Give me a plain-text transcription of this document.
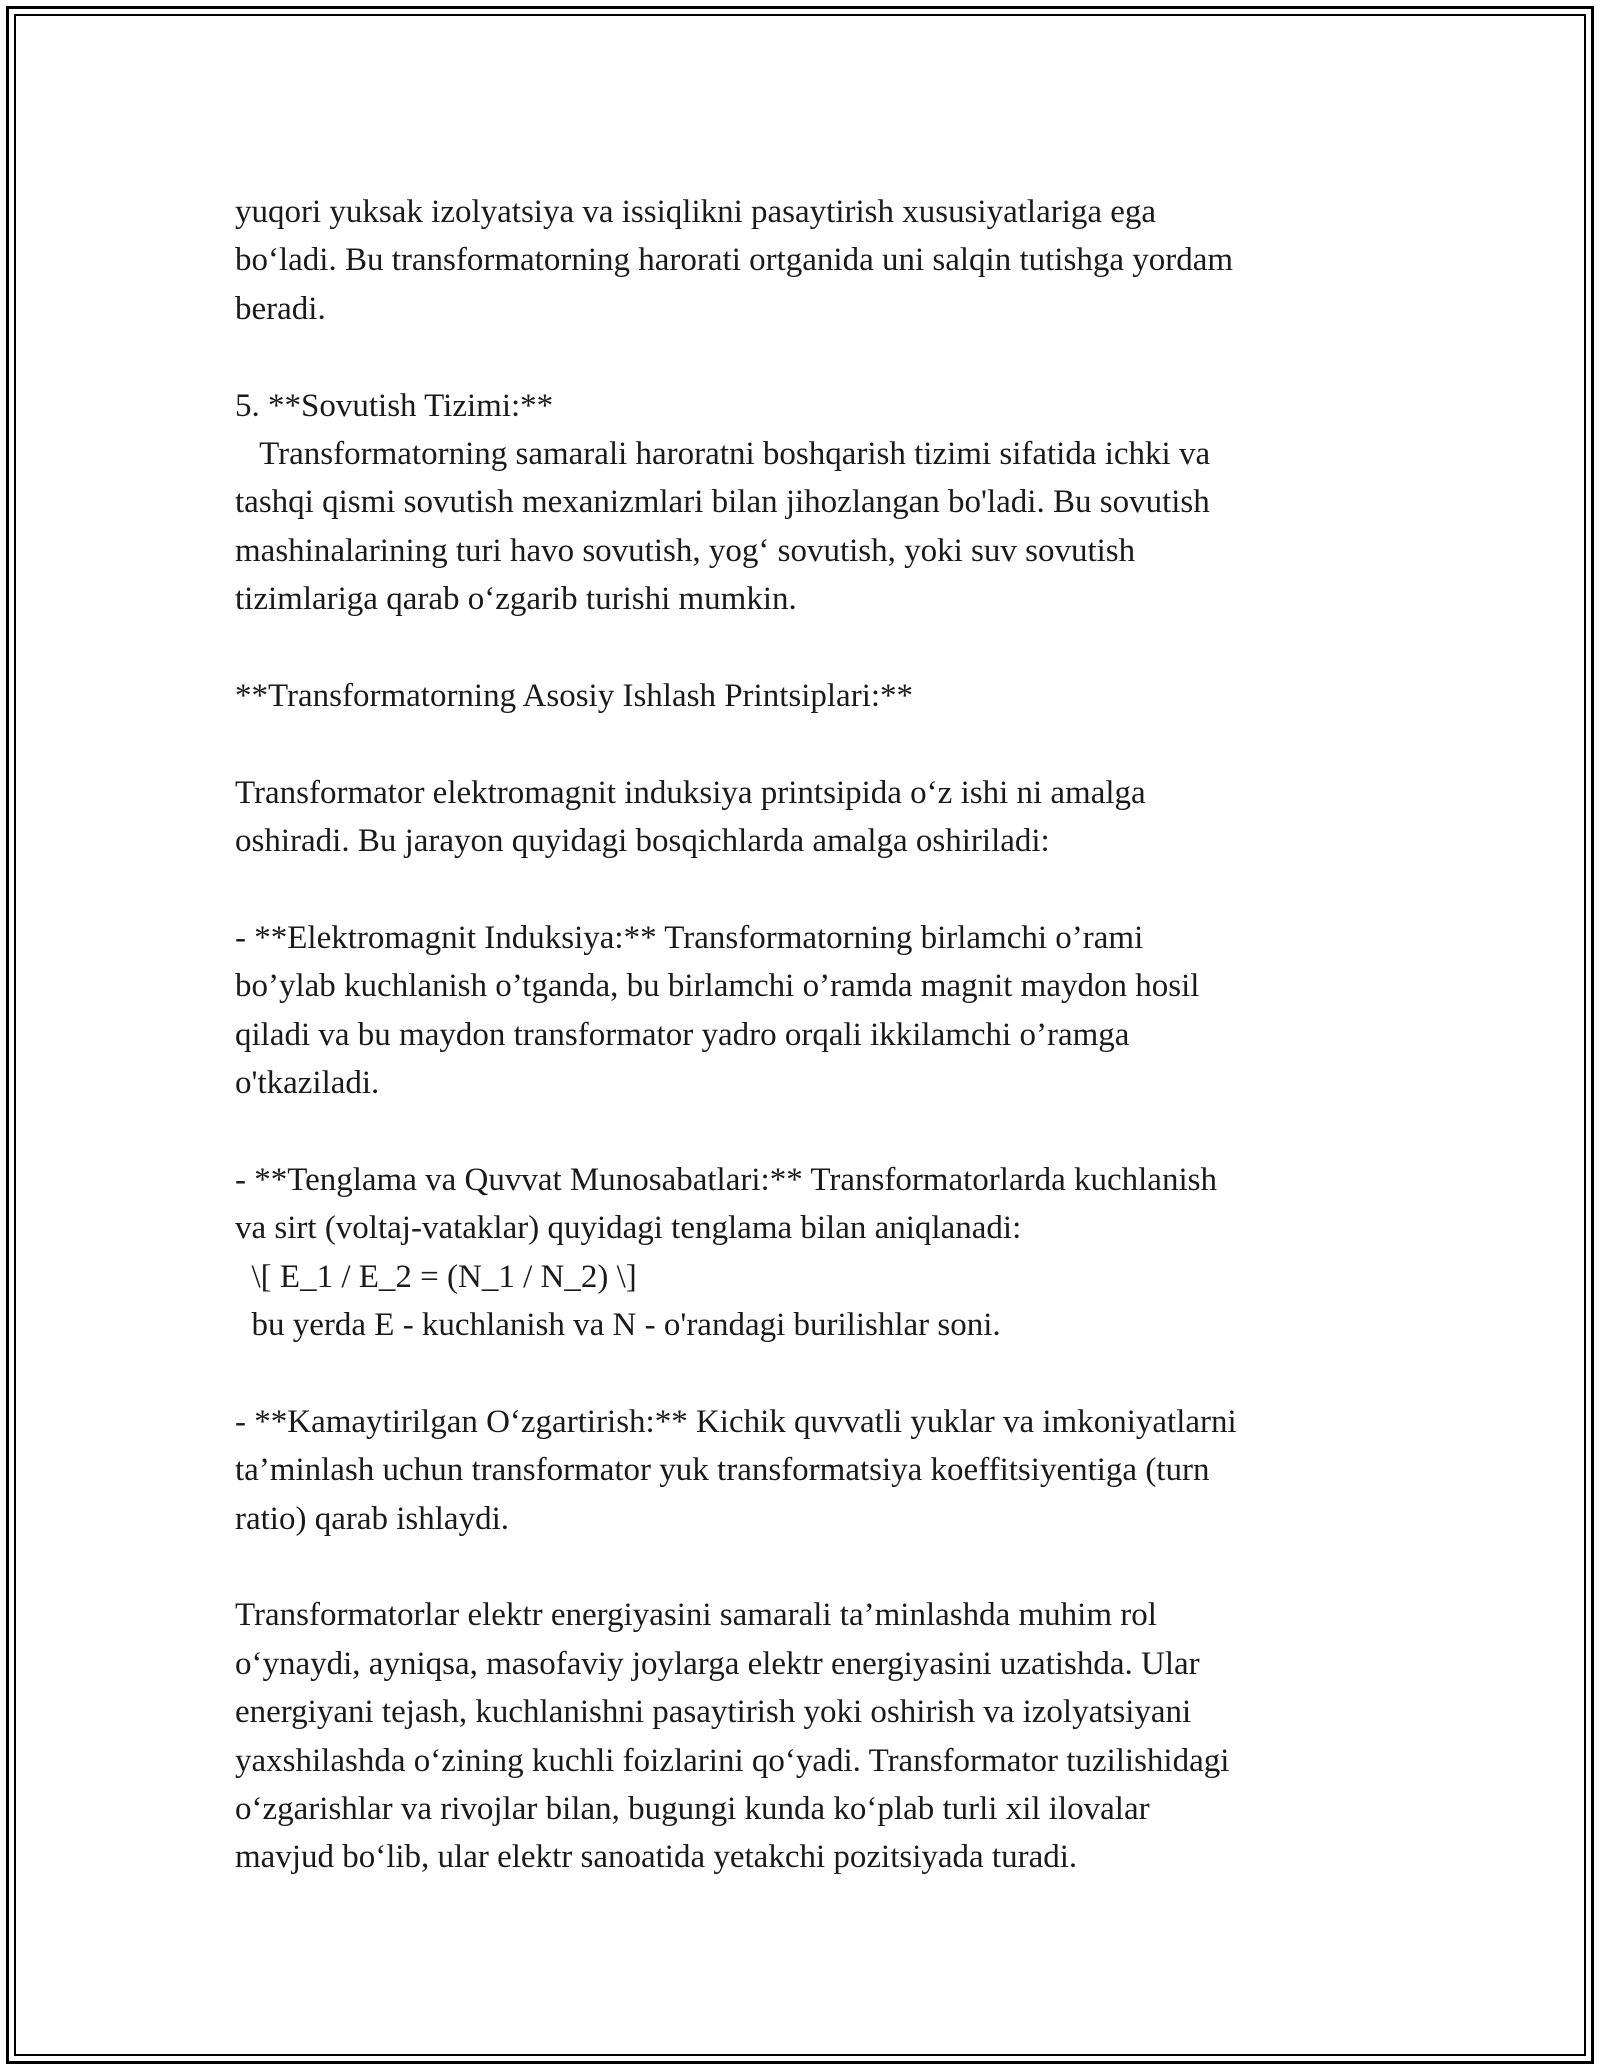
yuqori yuksak izolyatsiya va issiqlikni pasaytirish xususiyatlariga ega
bo‘ladi. Bu transformatorning harorati ortganida uni salqin tutishga yordam
beradi.
5. **Sovutish Tizimi:**
Transformatorning samarali haroratni boshqarish tizimi sifatida ichki va
tashqi qismi sovutish mexanizmlari bilan jihozlangan bo'ladi. Bu sovutish
mashinalarining turi havo sovutish, yog‘ sovutish, yoki suv sovutish
tizimlariga qarab o‘zgarib turishi mumkin.
**Transformatorning Asosiy Ishlash Printsiplari:**
Transformator elektromagnit induksiya printsipida o‘z ishi ni amalga
oshiradi. Bu jarayon quyidagi bosqichlarda amalga oshiriladi:
- **Elektromagnit Induksiya:** Transformatorning birlamchi o’rami
bo’ylab kuchlanish o’tganda, bu birlamchi o’ramda magnit maydon hosil
qiladi va bu maydon transformator yadro orqali ikkilamchi o’ramga
o'tkaziladi.
- **Tenglama va Quvvat Munosabatlari:** Transformatorlarda kuchlanish
va sirt (voltaj-vataklar) quyidagi tenglama bilan aniqlanadi:
\[ E_1 / E_2 = (N_1 / N_2) \]
bu yerda E - kuchlanish va N - o'randagi burilishlar soni.
- **Kamaytirilgan O‘zgartirish:** Kichik quvvatli yuklar va imkoniyatlarni
ta’minlash uchun transformator yuk transformatsiya koeffitsiyentiga (turn
ratio) qarab ishlaydi.
Transformatorlar elektr energiyasini samarali ta’minlashda muhim rol
o‘ynaydi, ayniqsa, masofaviy joylarga elektr energiyasini uzatishda. Ular
energiyani tejash, kuchlanishni pasaytirish yoki oshirish va izolyatsiyani
yaxshilashda o‘zining kuchli foizlarini qo‘yadi. Transformator tuzilishidagi
o‘zgarishlar va rivojlar bilan, bugungi kunda ko‘plab turli xil ilovalar
mavjud bo‘lib, ular elektr sanoatida yetakchi pozitsiyada turadi.
